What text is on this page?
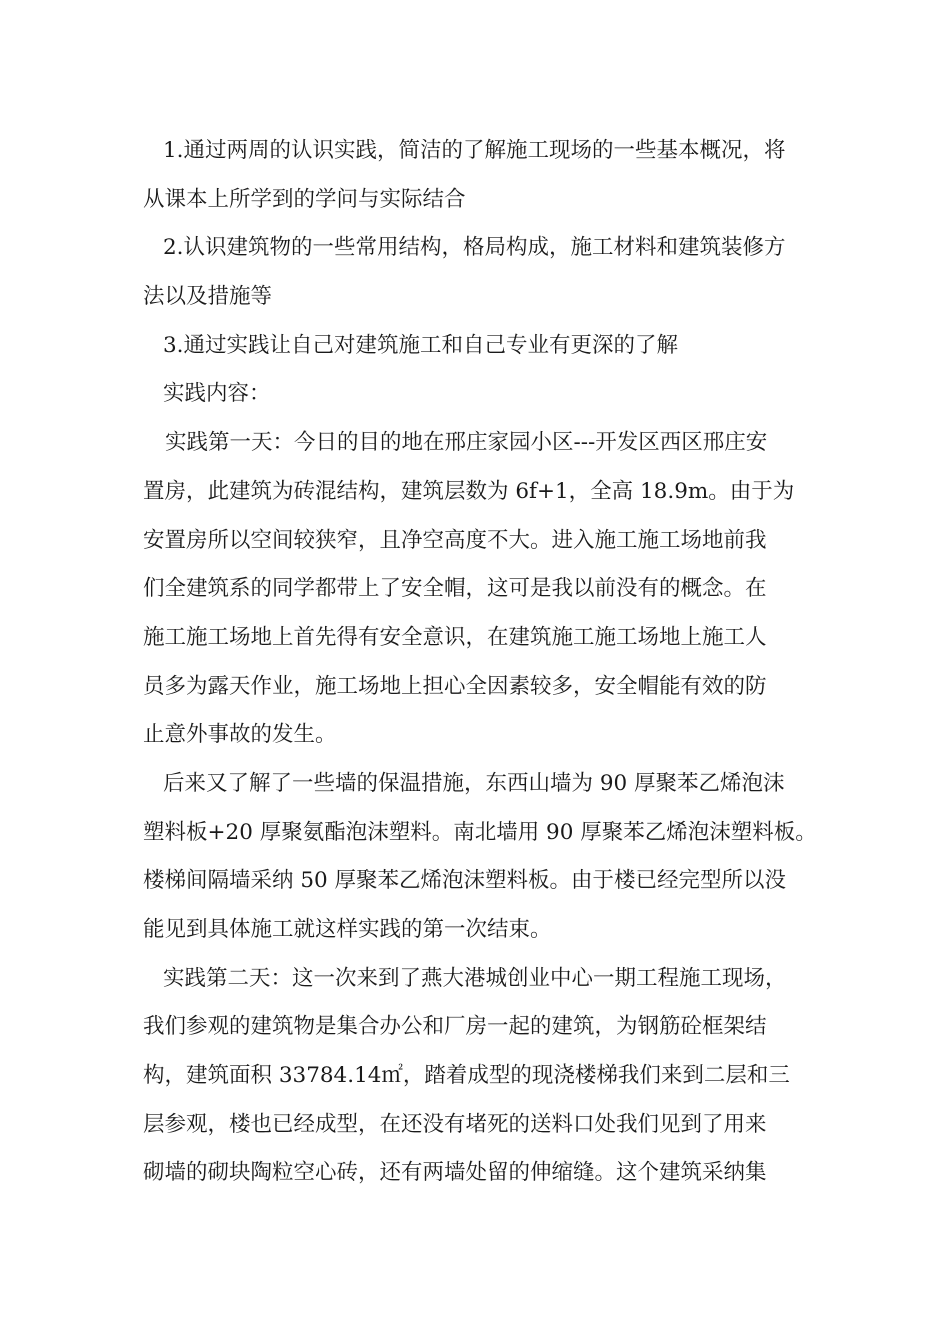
1.通过两周的认识实践，简洁的了解施工现场的一些基本概况，将
从课本上所学到的学问与实际结合
2.认识建筑物的一些常用结构，格局构成，施工材料和建筑装修方
法以及措施等
3.通过实践让自己对建筑施工和自己专业有更深的了解
实践内容：
实践第一天：今日的目的地在邢庄家园小区---开发区西区邢庄安
置房，此建筑为砖混结构，建筑层数为 6f+1，全高 18.9m。由于为
安置房所以空间较狭窄，且净空高度不大。进入施工施工场地前我
们全建筑系的同学都带上了安全帽，这可是我以前没有的概念。在
施工施工场地上首先得有安全意识，在建筑施工施工场地上施工人
员多为露天作业，施工场地上担心全因素较多，安全帽能有效的防
止意外事故的发生。
后来又了解了一些墙的保温措施，东西山墙为 90 厚聚苯乙烯泡沫
塑料板+20 厚聚氨酯泡沫塑料。南北墙用 90 厚聚苯乙烯泡沫塑料板。
楼梯间隔墙采纳 50 厚聚苯乙烯泡沫塑料板。由于楼已经完型所以没
能见到具体施工就这样实践的第一次结束。
实践第二天：这一次来到了燕大港城创业中心一期工程施工现场，
我们参观的建筑物是集合办公和厂房一起的建筑，为钢筋砼框架结
构，建筑面积 33784.14㎡，踏着成型的现浇楼梯我们来到二层和三
层参观，楼也已经成型，在还没有堵死的送料口处我们见到了用来
砌墙的砌块陶粒空心砖，还有两墙处留的伸缩缝。这个建筑采纳集
